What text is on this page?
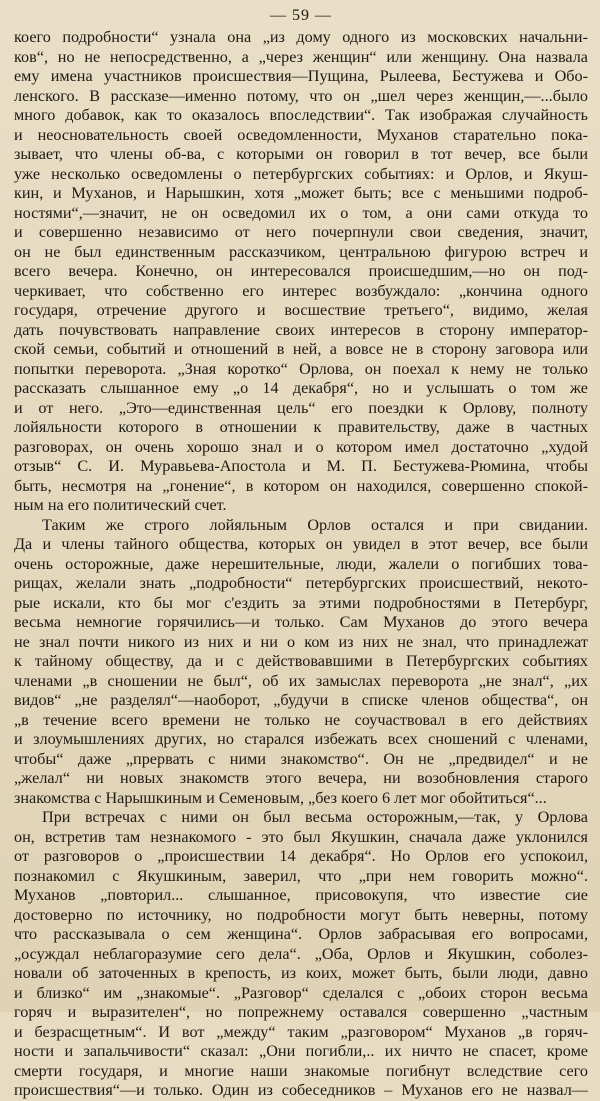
— 59 —
коего подробности“ узнала она „из дому одного из московских начальни-
ков“, но не непосредственно, а „через женщин“ или женщину. Она назвала
ему имена участников происшествия—Пущина, Рылеева, Бестужева и Обо-
ленского. В рассказе—именно потому, что он „шел через женщин,—...было
много добавок, как то оказалось впоследствии“. Так изображая случайность
и неосновательность своей осведомленности, Муханов старательно пока-
зывает, что члены об-ва, с которыми он говорил в тот вечер, все были
уже несколько осведомлены о петербургских событиях: и Орлов, и Якуш-
кин, и Муханов, и Нарышкин, хотя „может быть; все с меньшими подроб-
ностями“,—значит, не он осведомил их о том, а они сами откуда то
и совершенно независимо от него почерпнули свои сведения, значит,
он не был единственным рассказчиком, центральною фигурою встреч и
всего вечера. Конечно, он интересовался происшедшим,—но он под-
черкивает, что собственно его интерес возбуждало: „кончина одного
государя, отречение другого и восшествие третьего“, видимо, желая
дать почувствовать направление своих интересов в сторону император-
ской семьи, событий и отношений в ней, а вовсе не в сторону заговора или
попытки переворота. „Зная коротко“ Орлова, он поехал к нему не только
рассказать слышанное ему „о 14 декабря“, но и услышать о том же
и от него. „Это—единственная цель“ его поездки к Орлову, полноту
лойяльности которого в отношении к правительству, даже в частных
разговорах, он очень хорошо знал и о котором имел достаточно „худой
отзыв“ С. И. Муравьева-Апостола и М. П. Бестужева-Рюмина, чтобы
быть, несмотря на „гонение“, в котором он находился, совершенно спокой-
ным на его политический счет.
Таким же строго лойяльным Орлов остался и при свидании.
Да и члены тайного общества, которых он увидел в этот вечер, все были
очень осторожные, даже нерешительные, люди, жалели о погибших това-
рищах, желали знать „подробности“ петербургских происшествий, некото-
рые искали, кто бы мог с'ездить за этими подробностями в Петербург,
весьма немногие горячились—и только. Сам Муханов до этого вечера
не знал почти никого из них и ни о ком из них не знал, что принадлежат
к тайному обществу, да и с действовавшими в Петербургских событиях
членами „в сношении не был“, об их замыслах переворота „не знал“, „их
видов“ „не разделял“—наоборот, „будучи в списке членов общества“, он
„в течение всего времени не только не соучаствовал в его действиях
и злоумышлениях других, но старался избежать всех сношений с членами,
чтобы“ даже „прервать с ними знакомство“. Он не „предвидел“ и не
„желал“ ни новых знакомств этого вечера, ни возобновления старого
знакомства с Нарышкиным и Семеновым, „без коего 6 лет мог обойтиться“...
При встречах с ними он был весьма осторожным,—так, у Орлова
он, встретив там незнакомого - это был Якушкин, сначала даже уклонился
от разговоров о „происшествии 14 декабря“. Но Орлов его успокоил,
познакомил с Якушкиным, заверил, что „при нем говорить можно“.
Муханов „повторил... слышанное, присовокупя, что известие сие
достоверно по источнику, но подробности могут быть неверны, потому
что рассказывала о сем женщина“. Орлов забрасывая его вопросами,
„осуждал неблагоразумие сего дела“. „Оба, Орлов и Якушкин, соболез-
новали об заточенных в крепость, из коих, может быть, были люди, давно
и близко“ им „знакомые“. „Разговор“ сделался с „обоих сторон весьма
горяч и выразителен“, но попрежнему оставался совершенно „частным
и безрасщетным“. И вот „между“ таким „разговором“ Муханов „в горяч-
ности и запальчивости“ сказал: „Они погибли,.. их ничто не спасет, кроме
смерти государя, и многие наши знакомые погибнут вследствие сего
происшествия“—и только. Один из собеседников – Муханов его не назвал—
